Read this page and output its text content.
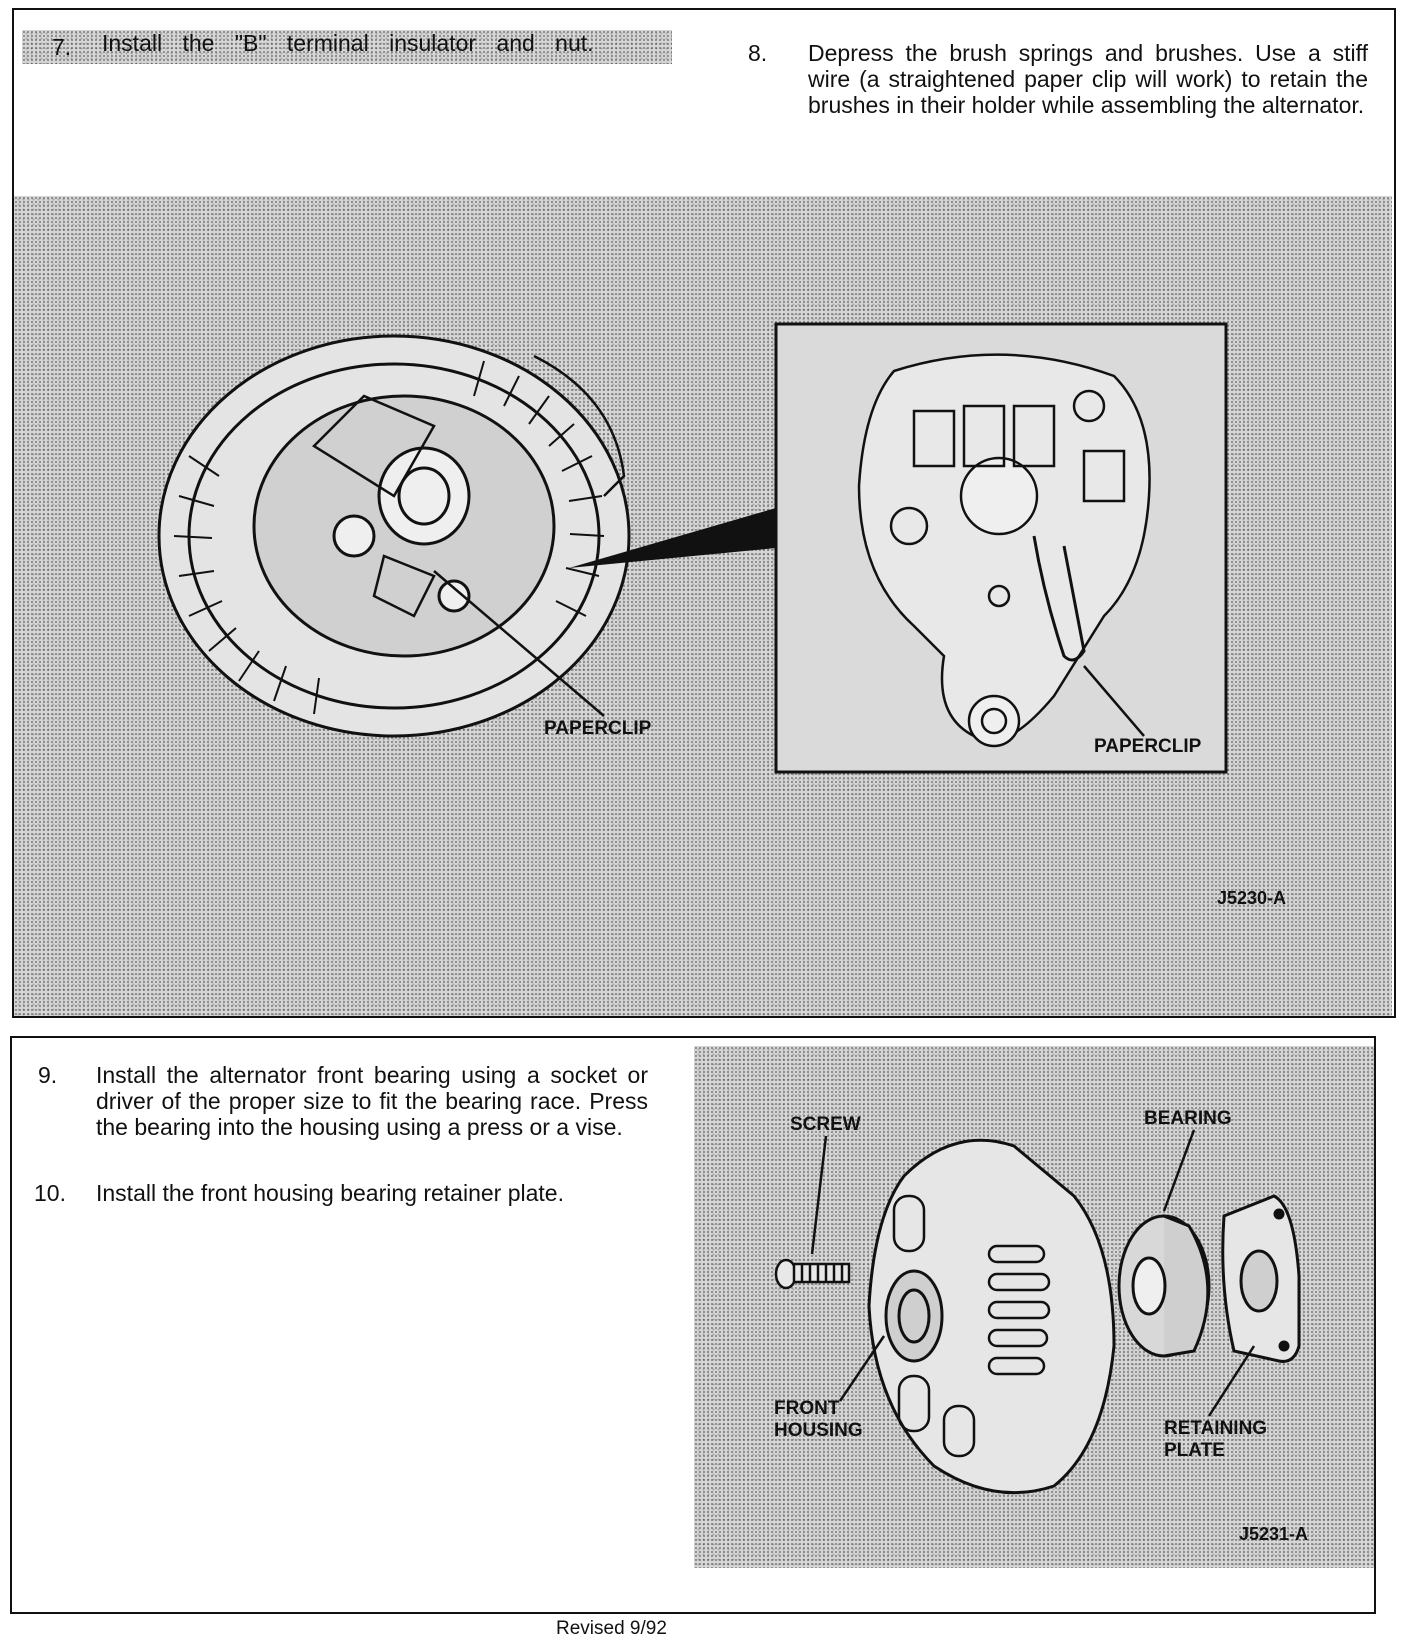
7. Install the "B" terminal insulator and nut.	8. Depress the brush springs and brushes. Use a stiff wire (a straightened paper clip will work) to retain the brushes in their holder while assembling the alternator.
PAPERCLIP
PAPERCLIP
J5230-A
9. Install the alternator front bearing using a socket or driver of the proper size to fit the bearing race. Press the bearing into the housing using a press or a vise.
10. Install the front housing bearing retainer plate.
SCREW
FRONT
HOUSING
BEARING
RETAINING
PLATE
J5231-A
Revised 9/92
